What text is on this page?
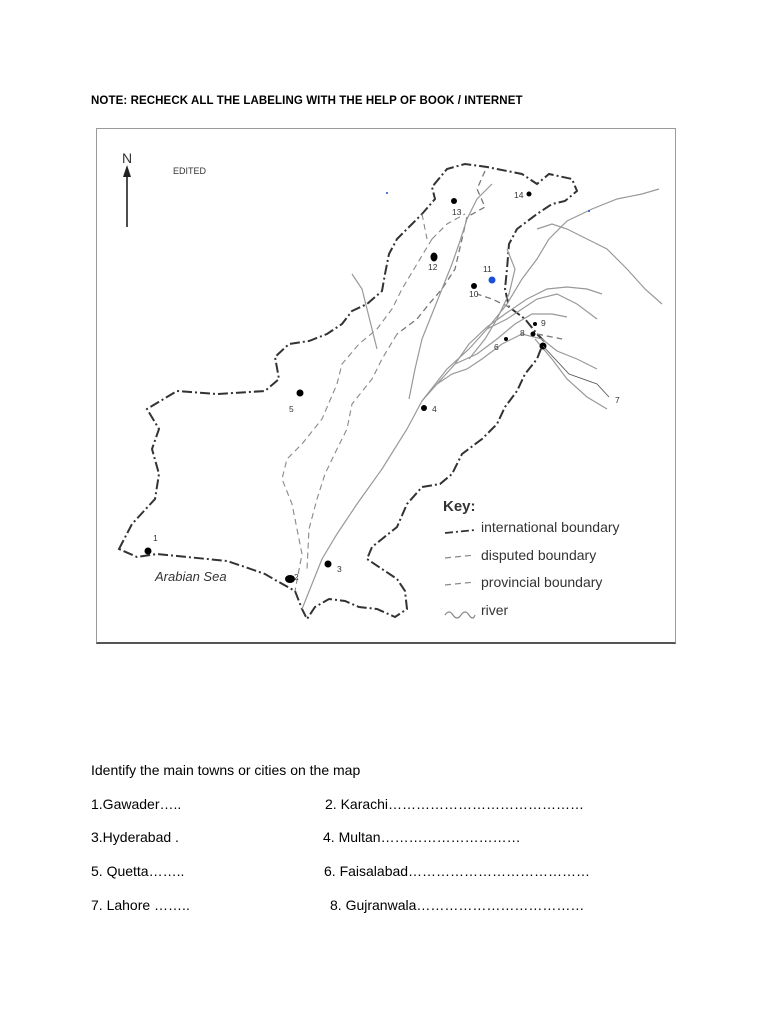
NOTE: RECHECK ALL THE LABELING WITH THE HELP OF BOOK / INTERNET
N
EDITED
Arabian Sea
1
2
3
4
5
6
7
8
9
10
11
12
13
14
Key:
international boundary
disputed boundary
provincial boundary
river
Identify the main towns or cities on the map
1.Gawader…..	2. Karachi……………………………………
3.Hyderabad .	4. Multan…………………………
5. Quetta……..	6. Faisalabad…………………………………
7. Lahore ……..	8. Gujranwala………………………………
